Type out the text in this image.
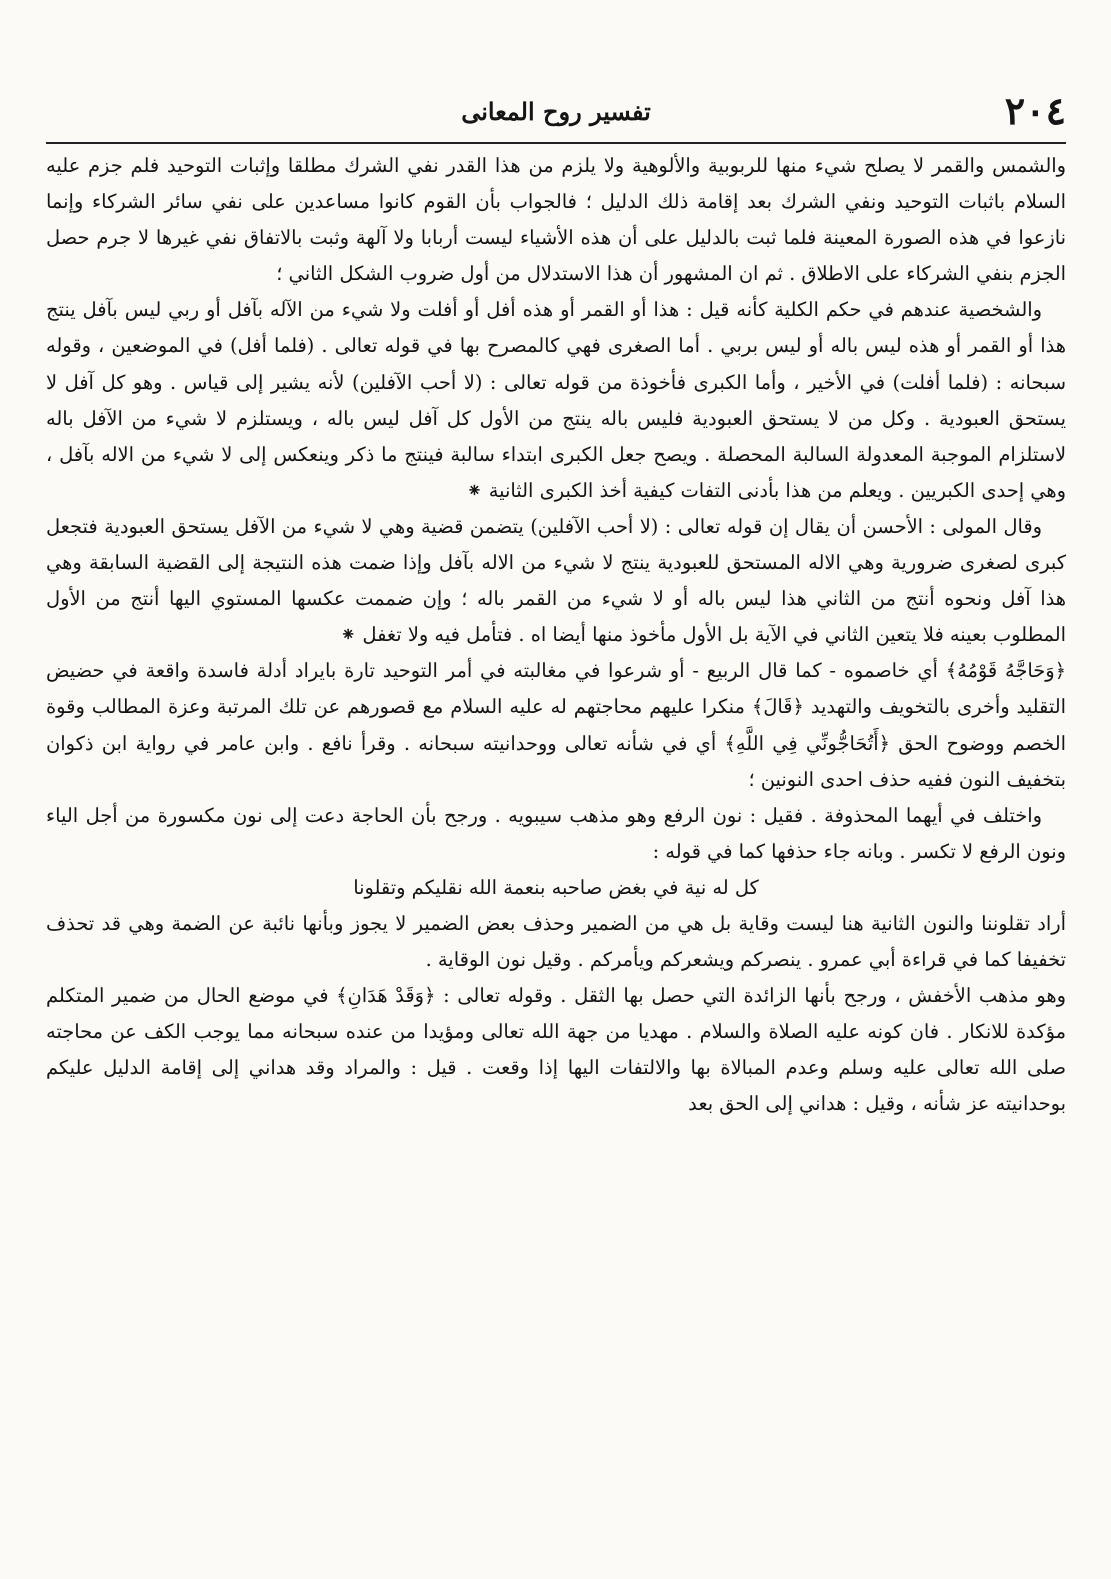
٢٠٤
تفسير روح المعانى

والشمس والقمر لا يصلح شيء منها للربوبية والألوهية ولا يلزم من هذا القدر نفي الشرك مطلقا وإثبات التوحيد فلم جزم عليه السلام باثبات التوحيد ونفي الشرك بعد إقامة ذلك الدليل ؛ فالجواب بأن القوم كانوا مساعدين على نفي سائر الشركاء وإنما نازعوا في هذه الصورة المعينة فلما ثبت بالدليل على أن هذه الأشياء ليست أربابا ولا آلهة وثبت بالاتفاق نفي غيرها لا جرم حصل الجزم بنفي الشركاء على الاطلاق . ثم ان المشهور أن هذا الاستدلال من أول ضروب الشكل الثاني ؛

والشخصية عندهم في حكم الكلية كأنه قيل : هذا أو القمر أو هذه أفل أو أفلت ولا شيء من الآله بآفل أو ربي ليس بآفل ينتج هذا أو القمر أو هذه ليس باله أو ليس بربي . أما الصغرى فهي كالمصرح بها في قوله تعالى . (فلما أفل) في الموضعين ، وقوله سبحانه : (فلما أفلت) في الأخير ، وأما الكبرى فأخوذة من قوله تعالى : (لا أحب الآفلين) لأنه يشير إلى قياس . وهو كل آفل لا يستحق العبودية . وكل من لا يستحق العبودية فليس باله ينتج من الأول كل آفل ليس باله ، ويستلزم لا شيء من الآفل باله لاستلزام الموجبة المعدولة السالبة المحصلة . ويصح جعل الكبرى ابتداء سالبة فينتج ما ذكر وينعكس إلى لا شيء من الاله بآفل ، وهي إحدى الكبريين . ويعلم من هذا بأدنى التفات كيفية أخذ الكبرى الثانية ⁕

وقال المولى : الأحسن أن يقال إن قوله تعالى : (لا أحب الآفلين) يتضمن قضية وهي لا شيء من الآفل يستحق العبودية فتجعل كبرى لصغرى ضرورية وهي الاله المستحق للعبودية ينتج لا شيء من الاله بآفل وإذا ضمت هذه النتيجة إلى القضية السابقة وهي هذا آفل ونحوه أنتج من الثاني هذا ليس باله أو لا شيء من القمر باله ؛ وإن ضممت عكسها المستوي اليها أنتج من الأول المطلوب بعينه فلا يتعين الثاني في الآية بل الأول مأخوذ منها أيضا اه . فتأمل فيه ولا تغفل ⁕

﴿وَحَاجَّهُ قَوْمُهُ﴾ أي خاصموه - كما قال الربيع - أو شرعوا في مغالبته في أمر التوحيد تارة بايراد أدلة فاسدة واقعة في حضيض التقليد وأخرى بالتخويف والتهديد ﴿قَالَ﴾ منكرا عليهم محاجتهم له عليه السلام مع قصورهم عن تلك المرتبة وعزة المطالب وقوة الخصم ووضوح الحق ﴿أَتُحَاجُّونِّي فِي اللَّهِ﴾ أي في شأنه تعالى ووحدانيته سبحانه . وقرأ نافع . وابن عامر في رواية ابن ذكوان بتخفيف النون ففيه حذف احدى النونين ؛

واختلف في أيهما المحذوفة . فقيل : نون الرفع وهو مذهب سيبويه . ورجح بأن الحاجة دعت إلى نون مكسورة من أجل الياء ونون الرفع لا تكسر . وبانه جاء حذفها كما في قوله :

كل له نية في بغض صاحبه بنعمة الله نقليكم وتقلونا

أراد تقلوننا والنون الثانية هنا ليست وقاية بل هي من الضمير وحذف بعض الضمير لا يجوز وبأنها نائبة عن الضمة وهي قد تحذف تخفيفا كما في قراءة أبي عمرو . ينصركم ويشعركم ويأمركم . وقيل نون الوقاية .

وهو مذهب الأخفش ، ورجح بأنها الزائدة التي حصل بها الثقل . وقوله تعالى : ﴿وَقَدْ هَدَانِ﴾ في موضع الحال من ضمير المتكلم مؤكدة للانكار . فان كونه عليه الصلاة والسلام . مهديا من جهة الله تعالى ومؤيدا من عنده سبحانه مما يوجب الكف عن محاجته صلى الله تعالى عليه وسلم وعدم المبالاة بها والالتفات اليها إذا وقعت . قيل : والمراد وقد هداني إلى إقامة الدليل عليكم بوحدانيته عز شأنه ، وقيل : هداني إلى الحق بعد
